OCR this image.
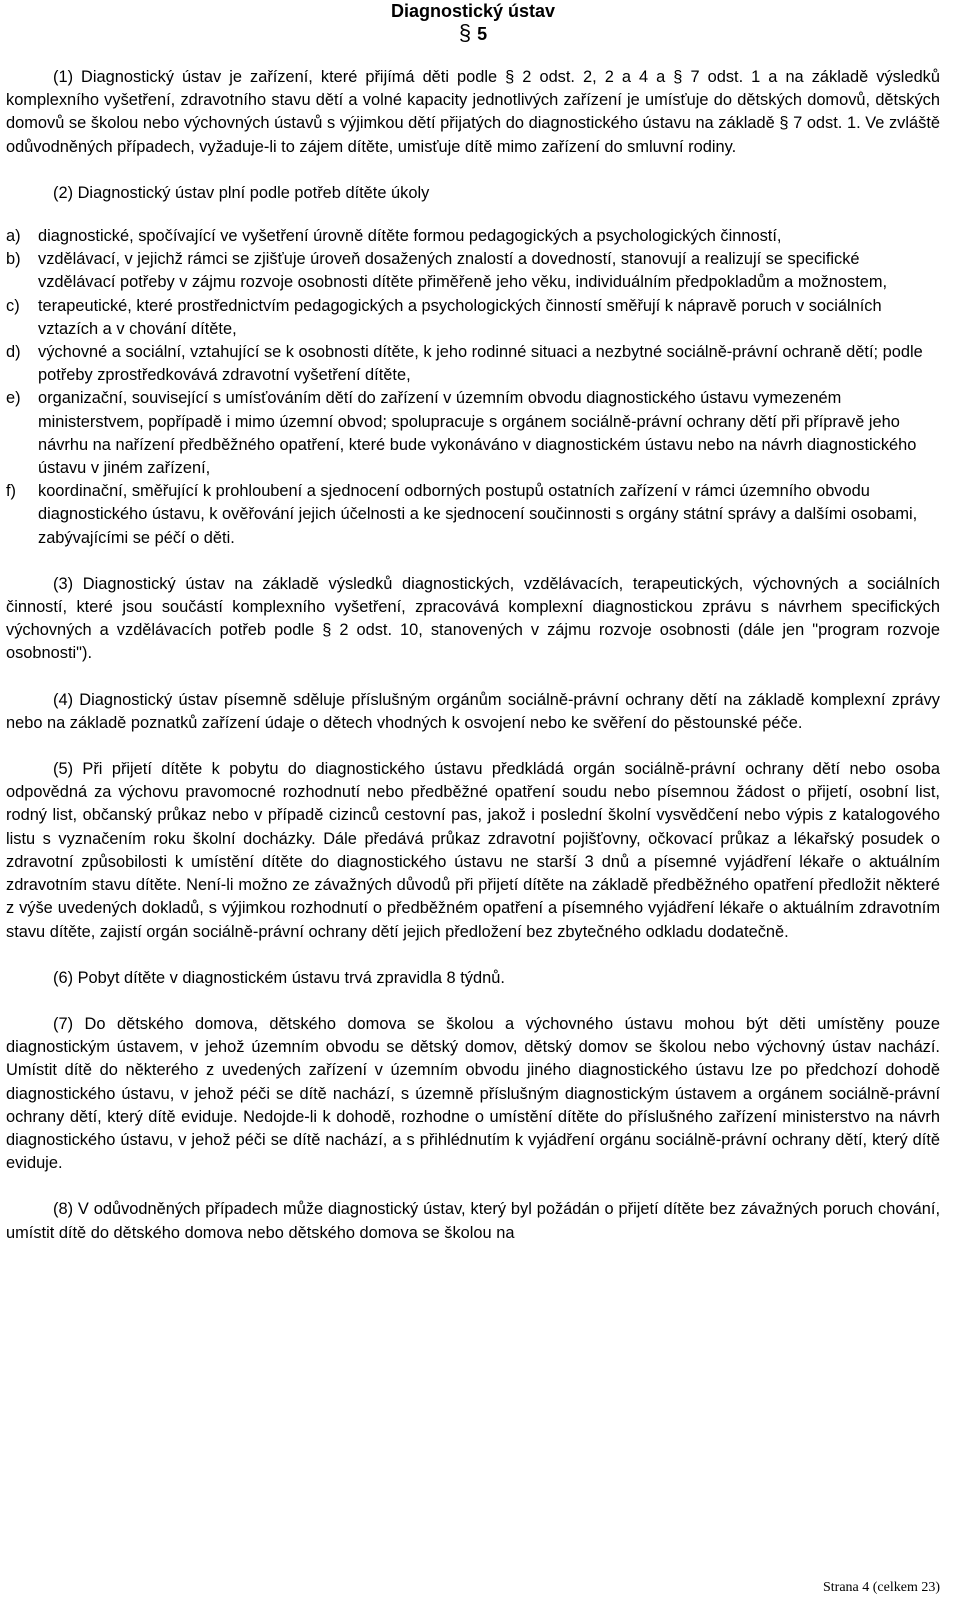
Diagnostický ústav
§ 5

(1) Diagnostický ústav je zařízení, které přijímá děti podle § 2 odst. 2, 2 a 4 a § 7 odst. 1 a na základě výsledků komplexního vyšetření, zdravotního stavu dětí a volné kapacity jednotlivých zařízení je umísťuje do dětských domovů, dětských domovů se školou nebo výchovných ústavů s výjimkou dětí přijatých do diagnostického ústavu na základě § 7 odst. 1. Ve zvláště odůvodněných případech, vyžaduje-li to zájem dítěte, umisťuje dítě mimo zařízení do smluvní rodiny.

(2) Diagnostický ústav plní podle potřeb dítěte úkoly

a)	diagnostické, spočívající ve vyšetření úrovně dítěte formou pedagogických a psychologických činností,
b)	vzdělávací, v jejichž rámci se zjišťuje úroveň dosažených znalostí a dovedností, stanovují a realizují se specifické vzdělávací potřeby v zájmu rozvoje osobnosti dítěte přiměřeně jeho věku, individuálním předpokladům a možnostem,
c)	terapeutické, které prostřednictvím pedagogických a psychologických činností směřují k nápravě poruch v sociálních vztazích a v chování dítěte,
d)	výchovné a sociální, vztahující se k osobnosti dítěte, k jeho rodinné situaci a nezbytné sociálně-právní ochraně dětí; podle potřeby zprostředkovává zdravotní vyšetření dítěte,
e)	organizační, související s umísťováním dětí do zařízení v územním obvodu diagnostického ústavu vymezeném ministerstvem, popřípadě i mimo územní obvod; spolupracuje s orgánem sociálně-právní ochrany dětí při přípravě jeho návrhu na nařízení předběžného opatření, které bude vykonáváno v diagnostickém ústavu nebo na návrh diagnostického ústavu v jiném zařízení,
f)	koordinační, směřující k prohloubení a sjednocení odborných postupů ostatních zařízení v rámci územního obvodu diagnostického ústavu, k ověřování jejich účelnosti a ke sjednocení součinnosti s orgány státní správy a dalšími osobami, zabývajícími se péčí o děti.

(3) Diagnostický ústav na základě výsledků diagnostických, vzdělávacích, terapeutických, výchovných a sociálních činností, které jsou součástí komplexního vyšetření, zpracovává komplexní diagnostickou zprávu s návrhem specifických výchovných a vzdělávacích potřeb podle § 2 odst. 10, stanovených v zájmu rozvoje osobnosti (dále jen "program rozvoje osobnosti").

(4) Diagnostický ústav písemně sděluje příslušným orgánům sociálně-právní ochrany dětí na základě komplexní zprávy nebo na základě poznatků zařízení údaje o dětech vhodných k osvojení nebo ke svěření do pěstounské péče.

(5) Při přijetí dítěte k pobytu do diagnostického ústavu předkládá orgán sociálně-právní ochrany dětí nebo osoba odpovědná za výchovu pravomocné rozhodnutí nebo předběžné opatření soudu nebo písemnou žádost o přijetí, osobní list, rodný list, občanský průkaz nebo v případě cizinců cestovní pas, jakož i poslední školní vysvědčení nebo výpis z katalogového listu s vyznačením roku školní docházky. Dále předává průkaz zdravotní pojišťovny, očkovací průkaz a lékařský posudek o zdravotní způsobilosti k umístění dítěte do diagnostického ústavu ne starší 3 dnů a písemné vyjádření lékaře o aktuálním zdravotním stavu dítěte. Není-li možno ze závažných důvodů při přijetí dítěte na základě předběžného opatření předložit některé z výše uvedených dokladů, s výjimkou rozhodnutí o předběžném opatření a písemného vyjádření lékaře o aktuálním zdravotním stavu dítěte, zajistí orgán sociálně-právní ochrany dětí jejich předložení bez zbytečného odkladu dodatečně.

(6) Pobyt dítěte v diagnostickém ústavu trvá zpravidla 8 týdnů.

(7) Do dětského domova, dětského domova se školou a výchovného ústavu mohou být děti umístěny pouze diagnostickým ústavem, v jehož územním obvodu se dětský domov, dětský domov se školou nebo výchovný ústav nachází. Umístit dítě do některého z uvedených zařízení v územním obvodu jiného diagnostického ústavu lze po předchozí dohodě diagnostického ústavu, v jehož péči se dítě nachází, s územně příslušným diagnostickým ústavem a orgánem sociálně-právní ochrany dětí, který dítě eviduje. Nedojde-li k dohodě, rozhodne o umístění dítěte do příslušného zařízení ministerstvo na návrh diagnostického ústavu, v jehož péči se dítě nachází, a s přihlédnutím k vyjádření orgánu sociálně-právní ochrany dětí, který dítě eviduje.

(8) V odůvodněných případech může diagnostický ústav, který byl požádán o přijetí dítěte bez závažných poruch chování, umístit dítě do dětského domova nebo dětského domova se školou na

Strana 4 (celkem 23)
